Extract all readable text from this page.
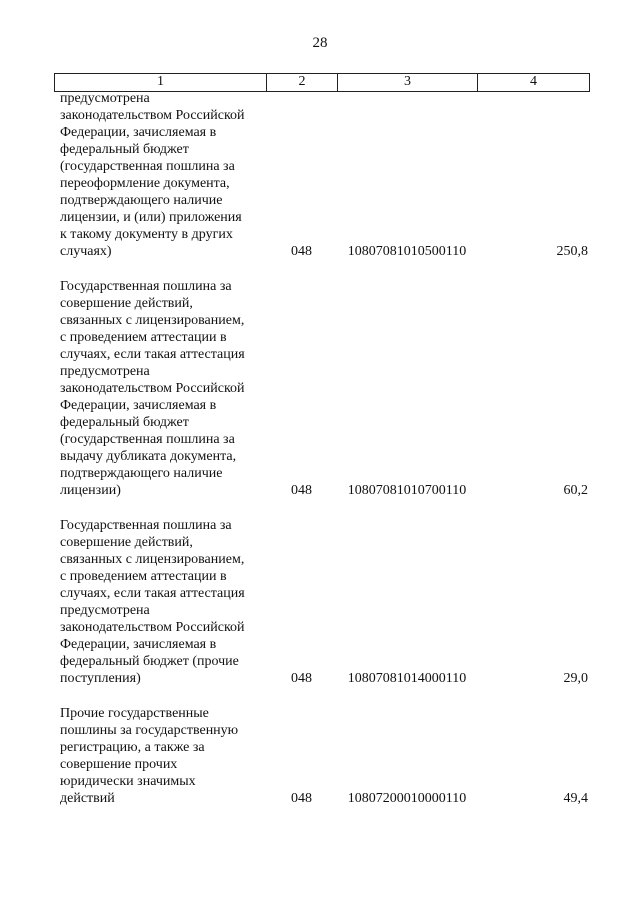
28
1	2	3	4
предусмотрена
законодательством Российской
Федерации, зачисляемая в
федеральный бюджет
(государственная пошлина за
переоформление документа,
подтверждающего наличие
лицензии, и (или) приложения
к такому документу в других
случаях)	048	10807081010500110	250,8
Государственная пошлина за
совершение действий,
связанных с лицензированием,
с проведением аттестации в
случаях, если такая аттестация
предусмотрена
законодательством Российской
Федерации, зачисляемая в
федеральный бюджет
(государственная пошлина за
выдачу дубликата документа,
подтверждающего наличие
лицензии)	048	10807081010700110	60,2
Государственная пошлина за
совершение действий,
связанных с лицензированием,
с проведением аттестации в
случаях, если такая аттестация
предусмотрена
законодательством Российской
Федерации, зачисляемая в
федеральный бюджет (прочие
поступления)	048	10807081014000110	29,0
Прочие государственные
пошлины за государственную
регистрацию, а также за
совершение прочих
юридически значимых
действий	048	10807200010000110	49,4
